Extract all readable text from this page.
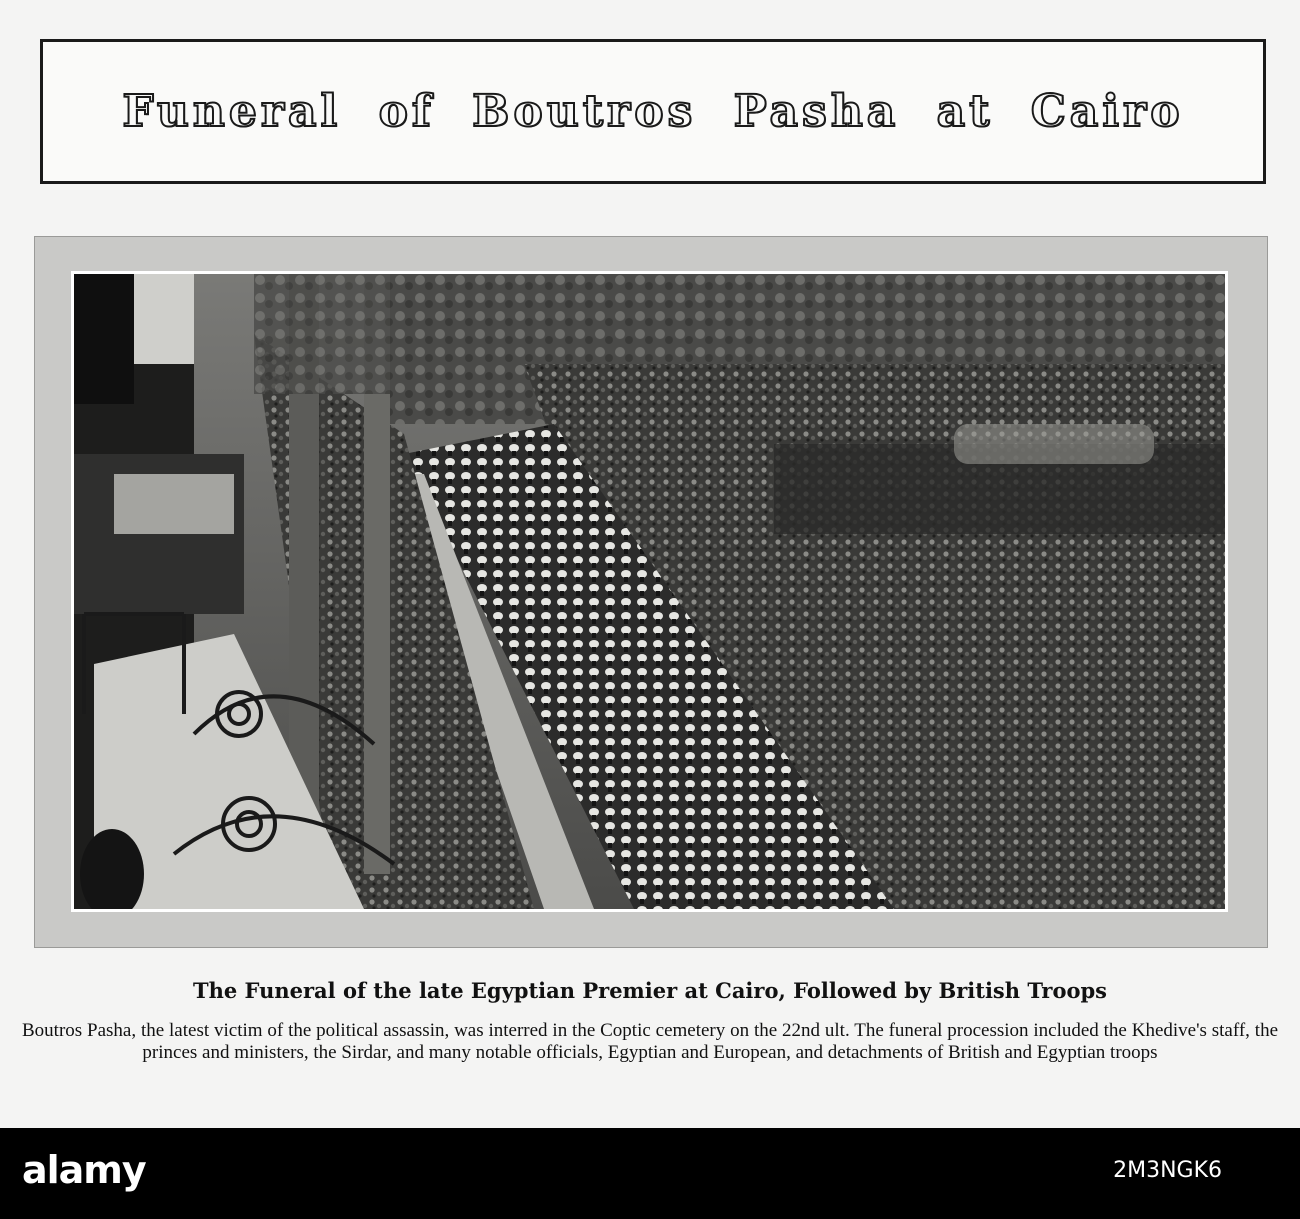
Funeral of Boutros Pasha at Cairo
The Funeral of the late Egyptian Premier at Cairo, Followed by British Troops
Boutros Pasha, the latest victim of the political assassin, was interred in the Coptic cemetery on the 22nd ult. The funeral procession included the Khedive's staff, the princes and ministers, the Sirdar, and many notable officials, Egyptian and European, and detachments of British and Egyptian troops
alamy	2M3NGK6
